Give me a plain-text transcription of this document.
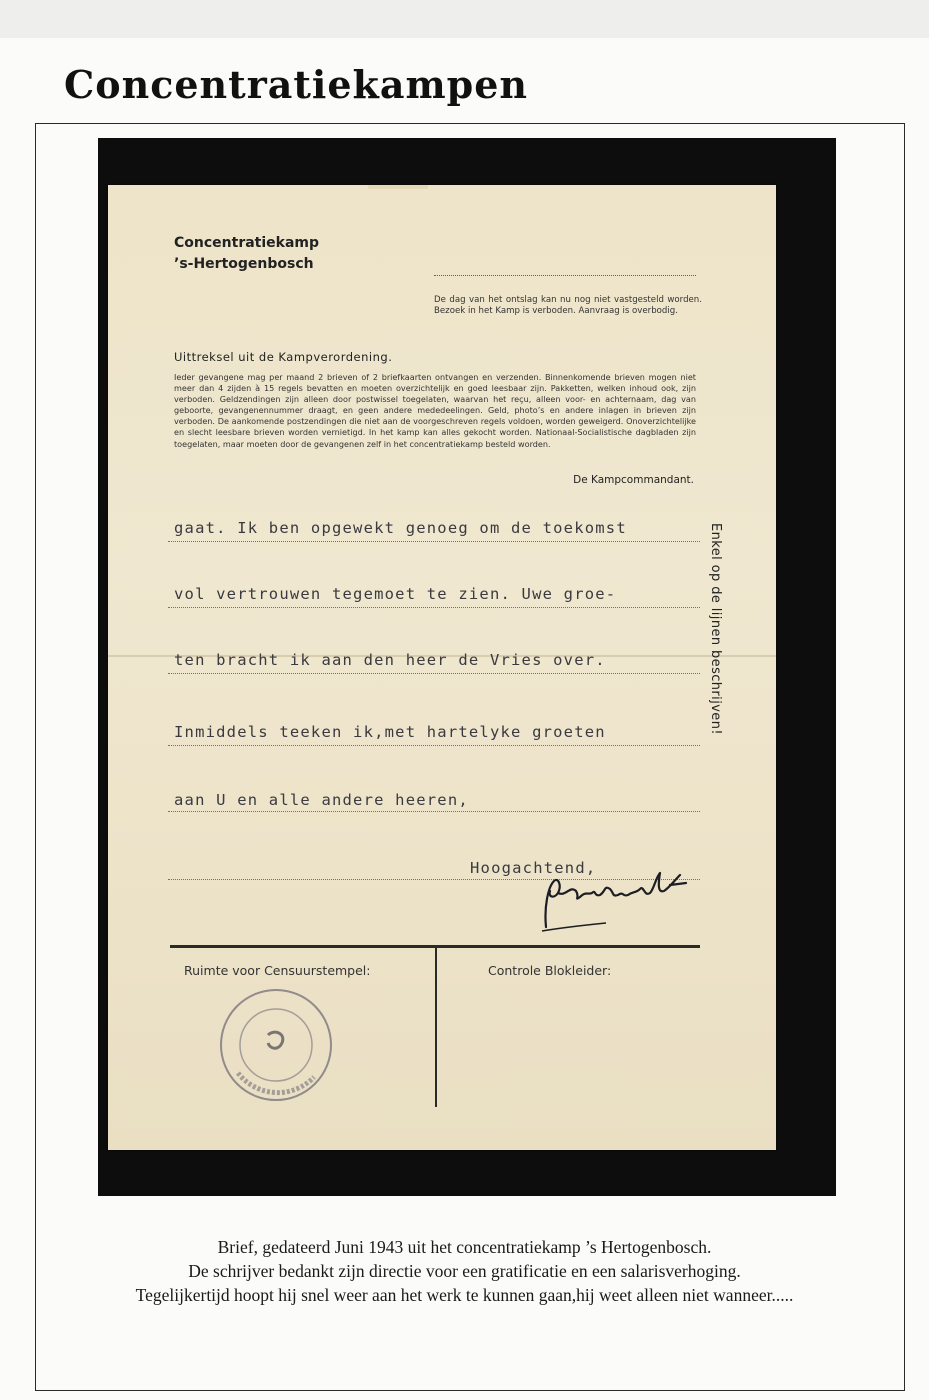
Concentratiekampen
Concentratiekamp
’s-Hertogenbosch
De dag van het ontslag kan nu nog niet vastgesteld worden. Bezoek in het Kamp is verboden. Aanvraag is overbodig.
Uittreksel uit de Kampverordening.
Ieder gevangene mag per maand 2 brieven of 2 briefkaarten ontvangen en verzenden. Binnenkomende brieven mogen niet meer dan 4 zijden à 15 regels bevatten en moeten overzichtelijk en goed leesbaar zijn. Pakketten, welken inhoud ook, zijn verboden. Geldzendingen zijn alleen door postwissel toegelaten, waarvan het reçu, alleen voor- en achternaam, dag van geboorte, gevangenennummer draagt, en geen andere mededeelingen. Geld, photo’s en andere inlagen in brieven zijn verboden. De aankomende postzendingen die niet aan de voorgeschreven regels voldoen, worden geweigerd. Onoverzichtelijke en slecht leesbare brieven worden vernietigd. In het kamp kan alles gekocht worden. Nationaal-Socialistische dagbladen zijn toegelaten, maar moeten door de gevangenen zelf in het concentratiekamp besteld worden.
De Kampcommandant.
gaat. Ik ben opgewekt genoeg om de toekomst
vol vertrouwen tegemoet te zien. Uwe groe-
ten bracht ik aan den heer de Vries over.
Inmiddels teeken ik,met hartelyke groeten
aan U en alle andere heeren,
Hoogachtend,
Enkel op de lijnen beschrijven!
Ruimte voor Censuurstempel:	Controle Blokleider:
Brief, gedateerd Juni 1943 uit het concentratiekamp ’s Hertogenbosch.
De schrijver bedankt zijn directie voor een gratificatie en een salarisverhoging.
Tegelijkertijd hoopt hij snel weer aan het werk te kunnen gaan,hij weet alleen niet wanneer.....
